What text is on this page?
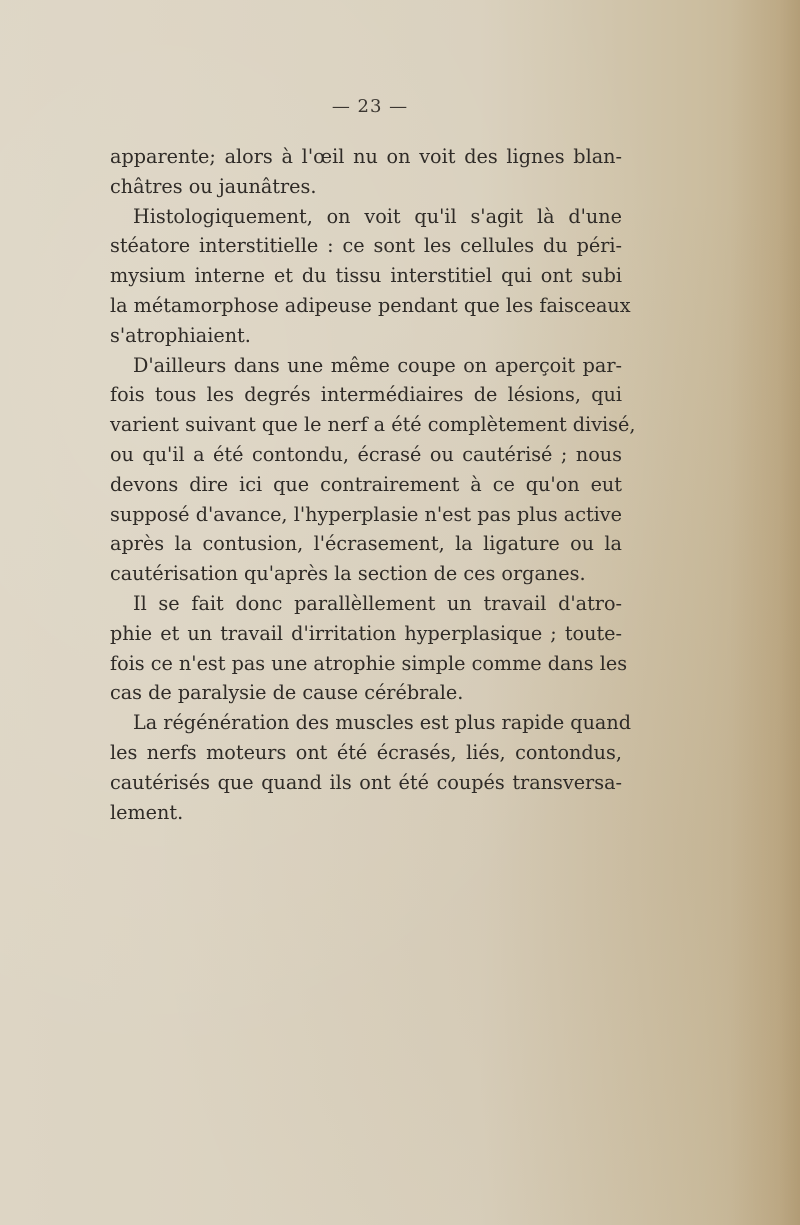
— 23 —
apparente; alors à l'œil nu on voit des lignes blan-
châtres ou jaunâtres.
Histologiquement, on voit qu'il s'agit là d'une
stéatore interstitielle : ce sont les cellules du péri-
mysium interne et du tissu interstitiel qui ont subi
la métamorphose adipeuse pendant que les faisceaux
s'atrophiaient.
D'ailleurs dans une même coupe on aperçoit par-
fois tous les degrés intermédiaires de lésions, qui
varient suivant que le nerf a été complètement divisé,
ou qu'il a été contondu, écrasé ou cautérisé ; nous
devons dire ici que contrairement à ce qu'on eut
supposé d'avance, l'hyperplasie n'est pas plus active
après la contusion, l'écrasement, la ligature ou la
cautérisation qu'après la section de ces organes.
Il se fait donc parallèllement un travail d'atro-
phie et un travail d'irritation hyperplasique ; toute-
fois ce n'est pas une atrophie simple comme dans les
cas de paralysie de cause cérébrale.
La régénération des muscles est plus rapide quand
les nerfs moteurs ont été écrasés, liés, contondus,
cautérisés que quand ils ont été coupés transversa-
lement.
